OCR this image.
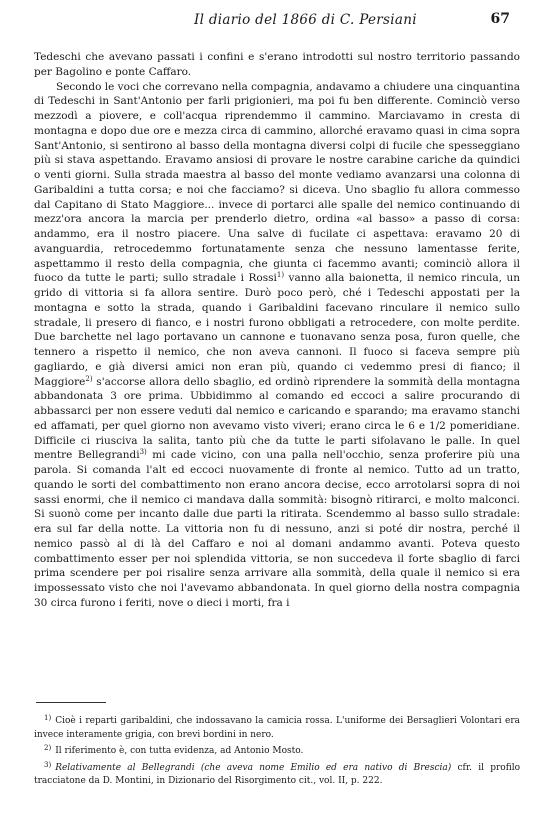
Il diario del 1866 di C. Persiani	67

Tedeschi che avevano passati i confini e s'erano introdotti sul nostro territorio passando per Bagolino e ponte Caffaro.

Secondo le voci che correvano nella compagnia, andavamo a chiudere una cinquantina di Tedeschi in Sant'Antonio per farli prigionieri, ma poi fu ben differente. Cominciò verso mezzodì a piovere, e coll'acqua riprendemmo il cammino. Marciavamo in cresta di montagna e dopo due ore e mezza circa di cammino, allorché eravamo quasi in cima sopra Sant'Antonio, si sentirono al basso della montagna diversi colpi di fucile che spesseggiano più si stava aspettando. Eravamo ansiosi di provare le nostre carabine cariche da quindici o venti giorni. Sulla strada maestra al basso del monte vediamo avanzarsi una colonna di Garibaldini a tutta corsa; e noi che facciamo? si diceva. Uno sbaglio fu allora commesso dal Capitano di Stato Maggiore... invece di portarci alle spalle del nemico continuando di mezz'ora ancora la marcia per prenderlo dietro, ordina «al basso» a passo di corsa: andammo, era il nostro piacere. Una salve di fucilate ci aspettava: eravamo 20 di avanguardia, retrocedemmo fortunatamente senza che nessuno lamentasse ferite, aspettammo il resto della compagnia, che giunta ci facemmo avanti; cominciò allora il fuoco da tutte le parti; sullo stradale i Rossi$^{1)}$ vanno alla baionetta, il nemico rincula, un grido di vittoria si fa allora sentire. Durò poco però, ché i Tedeschi appostati per la montagna e sotto la strada, quando i Garibaldini facevano rinculare il nemico sullo stradale, li presero di fianco, e i nostri furono obbligati a retrocedere, con molte perdite. Due barchette nel lago portavano un cannone e tuonavano senza posa, furon quelle, che tennero a rispetto il nemico, che non aveva cannoni. Il fuoco si faceva sempre più gagliardo, e già diversi amici non eran più, quando ci vedemmo presi di fianco; il Maggiore$^{2)}$ s'accorse allora dello sbaglio, ed ordinò riprendere la sommità della montagna abbandonata 3 ore prima. Ubbidimmo al comando ed eccoci a salire procurando di abbassarci per non essere veduti dal nemico e caricando e sparando; ma eravamo stanchi ed affamati, per quel giorno non avevamo visto viveri; erano circa le 6 e 1/2 pomeridiane. Difficile ci riusciva la salita, tanto più che da tutte le parti sifolavano le palle. In quel mentre Bellegrandi$^{3)}$ mi cade vicino, con una palla nell'occhio, senza proferire più una parola. Si comanda l'alt ed eccoci nuovamente di fronte al nemico. Tutto ad un tratto, quando le sorti del combattimento non erano ancora decise, ecco arrotolarsi sopra di noi sassi enormi, che il nemico ci mandava dalla sommità: bisognò ritirarci, e molto malconci. Si suonò come per incanto dalle due parti la ritirata. Scendemmo al basso sullo stradale: era sul far della notte. La vittoria non fu di nessuno, anzi si poté dir nostra, perché il nemico passò al di là del Caffaro e noi al domani andammo avanti. Poteva questo combattimento esser per noi splendida vittoria, se non succedeva il forte sbaglio di farci prima scendere per poi risalire senza arrivare alla sommità, della quale il nemico si era impossessato visto che noi l'avevamo abbandonata. In quel giorno della nostra compagnia 30 circa furono i feriti, nove o dieci i morti, fra i

$^{1)}$ Cioè i reparti garibaldini, che indossavano la camicia rossa. L'uniforme dei Bersaglieri Volontari era invece interamente grigia, con brevi bordini in nero.

$^{2)}$ Il riferimento è, con tutta evidenza, ad Antonio Mosto.

$^{3)}$ Relativamente al Bellegrandi (che aveva nome Emilio ed era nativo di Brescia) cfr. il profilo tracciatone da D. Montini, in Dizionario del Risorgimento cit., vol. II, p. 222.
